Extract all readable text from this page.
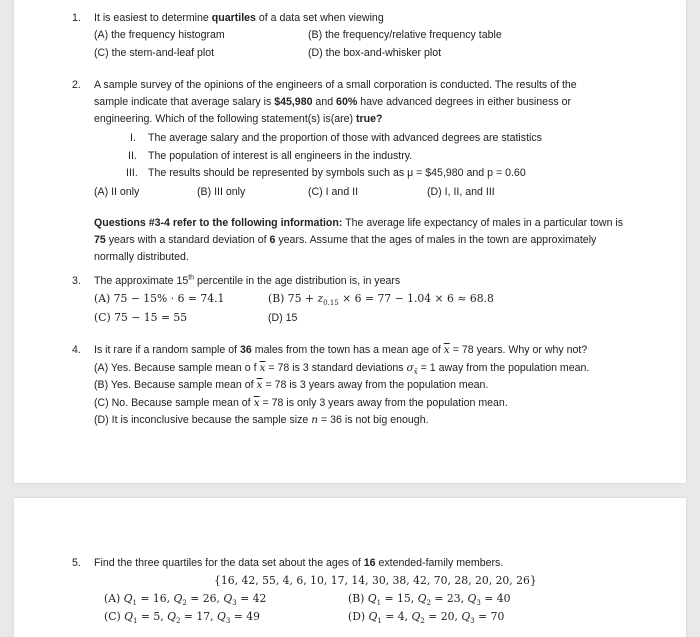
1. It is easiest to determine quartiles of a data set when viewing
(A) the frequency histogram	(B) the frequency/relative frequency table
(C) the stem-and-leaf plot	(D) the box-and-whisker plot
2. A sample survey of the opinions of the engineers of a small corporation is conducted. The results of the
sample indicate that average salary is $45,980 and 60% have advanced degrees in either business or
engineering. Which of the following statement(s) is(are) true?
I. The average salary and the proportion of those with advanced degrees are statistics
II. The population of interest is all engineers in the industry.
III. The results should be represented by symbols such as μ = $45,980 and p = 0.60
(A) II only	(B) III only	(C) I and II	(D) I, II, and III
Questions #3-4 refer to the following information: The average life expectancy of males in a particular town is
75 years with a standard deviation of 6 years. Assume that the ages of males in the town are approximately
normally distributed.
3. The approximate 15th percentile in the age distribution is, in years
(A) 75 − 15% · 6 = 74.1	(B) $75 + z_{0.15} \times 6 = 77 - 1.04 \times 6 \approx 68.8$
(C) 75 − 15 = 55	(D) 15
4. Is it rare if a random sample of 36 males from the town has a mean age of $\overline{x} = 78$ years. Why or why not?
(A) Yes. Because sample mean o f $\overline{x} = 78$ is 3 standard deviations $\sigma_{x̄} = 1$ away from the population mean.
(B) Yes. Because sample mean of $\overline{x} = 78$ is 3 years away from the population mean.
(C) No. Because sample mean of $\overline{x} = 78$ is only 3 years away from the population mean.
(D) It is inconclusive because the sample size n = 36 is not big enough.
5. Find the three quartiles for the data set about the ages of 16 extended-family members.
{16, 42, 55, 4, 6, 10, 17, 14, 30, 38, 42, 70, 28, 20, 20, 26}
(A) $Q_1 = 16$, $Q_2 = 26$, $Q_3 = 42$	(B) $Q_1 = 15$, $Q_2 = 23$, $Q_3 = 40$
(C) $Q_1 = 5$, $Q_2 = 17$, $Q_3 = 49$	(D) $Q_1 = 4$, $Q_2 = 20$, $Q_3 = 70$
